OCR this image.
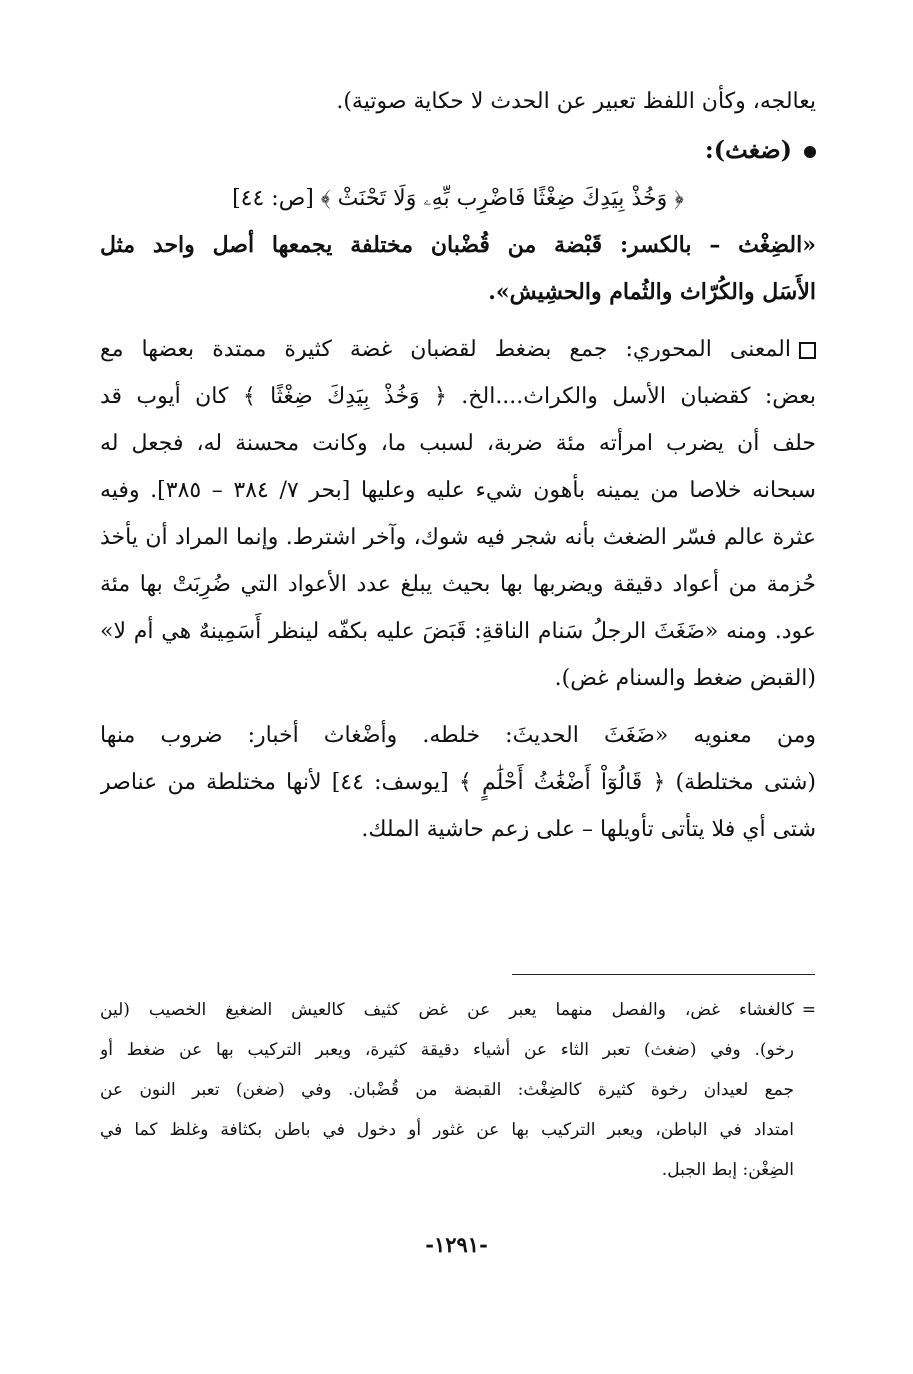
يعالجه، وكأن اللفظ تعبير عن الحدث لا حكاية صوتية).
(ضغث):
﴿ وَخُذْ بِيَدِكَ ضِغْثًا فَاضْرِب بِّهِۦ وَلَا تَحْنَثْ ﴾ [ص: ٤٤]
«الضِغْث – بالكسر: قَبْضة من قُضْبان مختلفة يجمعها أصل واحد مثل
الأَسَل والكُرّاث والثُمام والحشِيش».
المعنى المحوري: جمع بضغط لقضبان غضة كثيرة ممتدة بعضها مع
بعض: كقضبان الأسل والكراث....الخ. ﴿ وَخُذْ بِيَدِكَ ضِغْثًا ﴾ كان أيوب قد
حلف أن يضرب امرأته مئة ضربة، لسبب ما، وكانت محسنة له، فجعل له
سبحانه خلاصا من يمينه بأهون شيء عليه وعليها [بحر ٧/ ٣٨٤ – ٣٨٥]. وفيه
عثرة عالم فسّر الضغث بأنه شجر فيه شوك، وآخر اشترط. وإنما المراد أن يأخذ
حُزمة من أعواد دقيقة ويضربها بها بحيث يبلغ عدد الأعواد التي ضُرِبَتْ بها مئة
عود. ومنه «ضَغَثَ الرجلُ سَنام الناقةِ: قَبَضَ عليه بكفّه لينظر أَسَمِينهٌ هي أم لا»
(القبض ضغط والسنام غض).
ومن معنويه «ضَغَثَ الحديثَ: خلطه. وأضْغاث أخبار: ضروب منها
(شتى مختلطة) ﴿ قَالُوٓاْ أَضْغَٰثُ أَحْلَٰمٍ ﴾ [يوسف: ٤٤] لأنها مختلطة من عناصر
شتى أي فلا يتأتى تأويلها – على زعم حاشية الملك.
=كالغشاء غض، والفصل منهما يعبر عن غض كثيف كالعيش الضغيغ الخصيب (لين
رخو). وفي (ضغث) تعبر الثاء عن أشياء دقيقة كثيرة، ويعبر التركيب بها عن ضغط أو
جمع لعيدان رخوة كثيرة كالضِغْث: القبضة من قُضْبان. وفي (ضغن) تعبر النون عن
امتداد في الباطن، ويعبر التركيب بها عن غثور أو دخول في باطن بكثافة وغلظ كما في
الضِغْن: إبط الجبل.
-١٢٩١-
